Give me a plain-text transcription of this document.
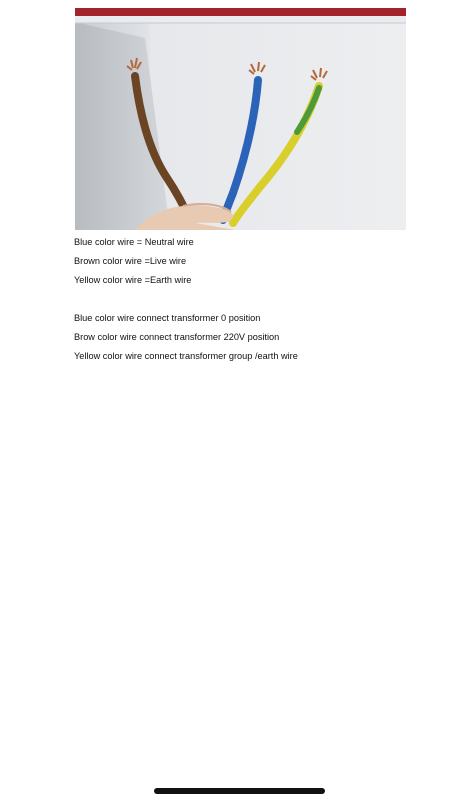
Blue color wire = Neutral wire
Brown color wire =Live wire
Yellow color wire =Earth wire
Blue color wire connect transformer 0 position
Brow color wire connect transformer 220V position
Yellow color wire connect transformer group /earth wire
